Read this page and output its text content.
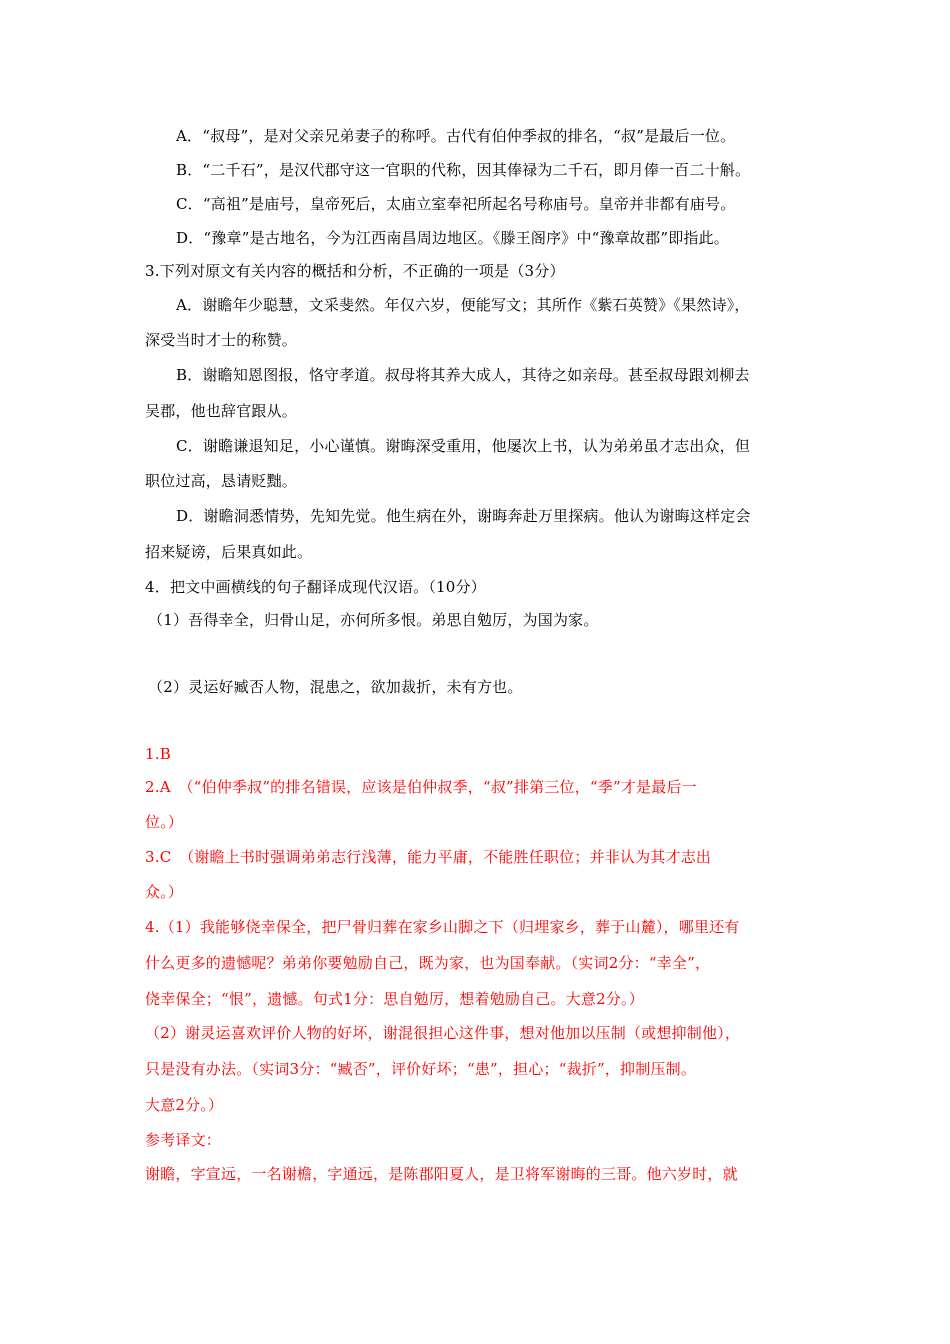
A．“叔母”，是对父亲兄弟妻子的称呼。古代有伯仲季叔的排名，“叔”是最后一位。
B．“二千石”，是汉代郡守这一官职的代称，因其俸禄为二千石，即月俸一百二十斛。
C．“高祖”是庙号，皇帝死后，太庙立室奉祀所起名号称庙号。皇帝并非都有庙号。
D．“豫章”是古地名，今为江西南昌周边地区。《滕王阁序》中“豫章故郡”即指此。
3.下列对原文有关内容的概括和分析，不正确的一项是（3分）
A．谢瞻年少聪慧，文采斐然。年仅六岁，便能写文；其所作《紫石英赞》《果然诗》，
深受当时才士的称赞。
B．谢瞻知恩图报，恪守孝道。叔母将其养大成人，其待之如亲母。甚至叔母跟刘柳去
吴郡，他也辞官跟从。
C．谢瞻谦退知足，小心谨慎。谢晦深受重用，他屡次上书，认为弟弟虽才志出众，但
职位过高，恳请贬黜。
D．谢瞻洞悉情势，先知先觉。他生病在外，谢晦奔赴万里探病。他认为谢晦这样定会
招来疑谤，后果真如此。
4．把文中画横线的句子翻译成现代汉语。（10分）
（1）吾得幸全，归骨山足，亦何所多恨。弟思自勉厉，为国为家。
（2）灵运好臧否人物，混患之，欲加裁折，未有方也。
1.B
2.A　（“伯仲季叔”的排名错误，应该是伯仲叔季，“叔”排第三位，“季”才是最后一
位。）
3.C　（谢瞻上书时强调弟弟志行浅薄，能力平庸，不能胜任职位；并非认为其才志出
众。）
4.（1）我能够侥幸保全，把尸骨归葬在家乡山脚之下（归埋家乡，葬于山麓），哪里还有
什么更多的遗憾呢？弟弟你要勉励自己，既为家，也为国奉献。（实词2分：“幸全”，
侥幸保全；“恨”，遗憾。句式1分：思自勉厉，想着勉励自己。大意2分。）
（2）谢灵运喜欢评价人物的好坏，谢混很担心这件事，想对他加以压制（或想抑制他），
只是没有办法。（实词3分：“臧否”，评价好坏；“患”，担心；“裁折”，抑制压制。
大意2分。）
参考译文：
谢瞻，字宣远，一名谢檐，字通远，是陈郡阳夏人，是卫将军谢晦的三哥。他六岁时，就
